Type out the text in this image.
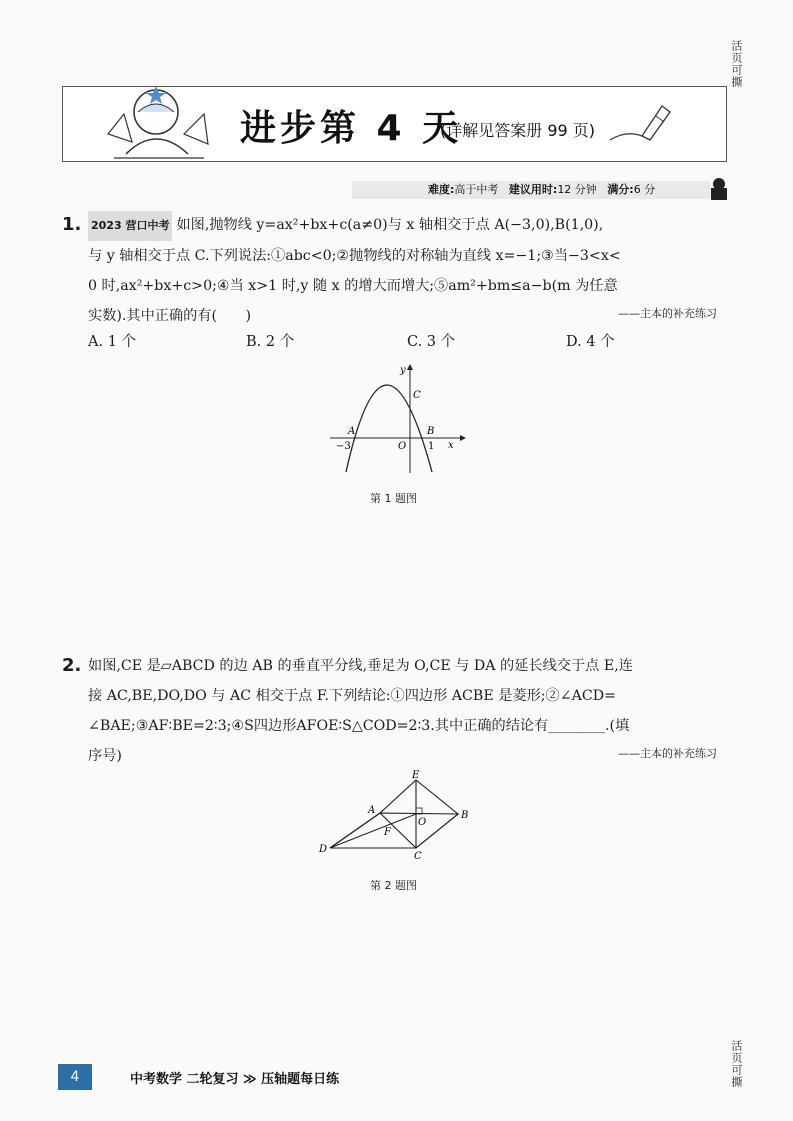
活页可撕
活页可撕
进步第 4 天
(详解见答案册 99 页)
难度:高于中考 建议用时:12 分钟 满分:6 分
1. 2023 营口中考 如图,抛物线 y=ax²+bx+c(a≠0)与 x 轴相交于点 A(−3,0),B(1,0),
与 y 轴相交于点 C.下列说法:①abc<0;②抛物线的对称轴为直线 x=−1;③当−3<x<
0 时,ax²+bx+c>0;④当 x>1 时,y 随 x 的增大而增大;⑤am²+bm≤a−b(m 为任意
实数).其中正确的有(　　)	——主本的补充练习
A. 1 个	B. 2 个	C. 3 个	D. 4 个
y
x
C
A	B
O
−3	1
第 1 题图
2. 如图,CE 是▱ABCD 的边 AB 的垂直平分线,垂足为 O,CE 与 DA 的延长线交于点 E,连
接 AC,BE,DO,DO 与 AC 相交于点 F.下列结论:①四边形 ACBE 是菱形;②∠ACD=
∠BAE;③AF∶BE=2∶3;④S四边形AFOE∶S△COD=2∶3.其中正确的结论有________.(填
序号)	——主本的补充练习
E
A
O
B
F
D
C
第 2 题图
4	中考数学 二轮复习 ≫ 压轴题每日练
